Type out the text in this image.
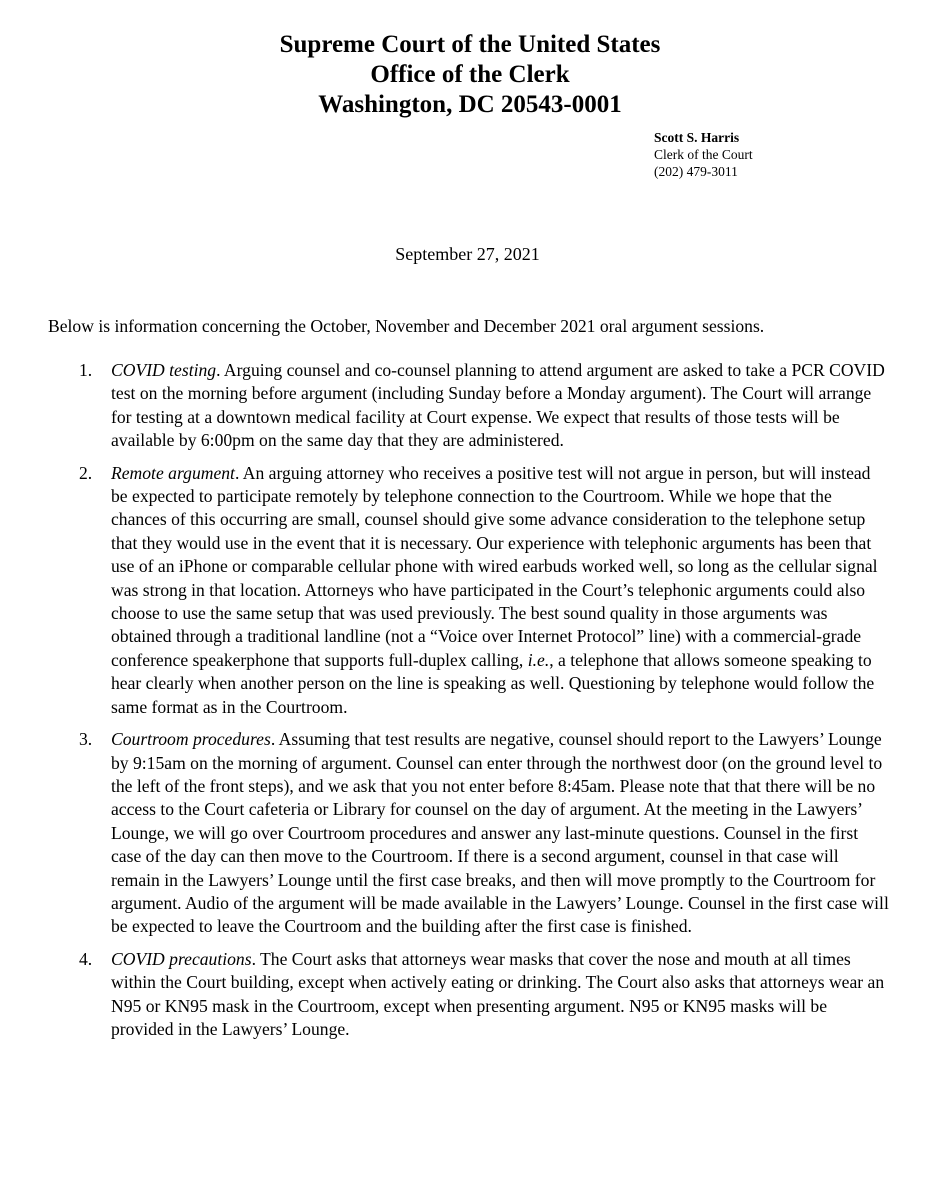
Supreme Court of the United States
Office of the Clerk
Washington, DC 20543-0001
Scott S. Harris
Clerk of the Court
(202) 479-3011
September 27, 2021
Below is information concerning the October, November and December 2021 oral argument sessions.
1. COVID testing. Arguing counsel and co-counsel planning to attend argument are asked to take a PCR COVID test on the morning before argument (including Sunday before a Monday argument). The Court will arrange for testing at a downtown medical facility at Court expense. We expect that results of those tests will be available by 6:00pm on the same day that they are administered.
2. Remote argument. An arguing attorney who receives a positive test will not argue in person, but will instead be expected to participate remotely by telephone connection to the Courtroom. While we hope that the chances of this occurring are small, counsel should give some advance consideration to the telephone setup that they would use in the event that it is necessary. Our experience with telephonic arguments has been that use of an iPhone or comparable cellular phone with wired earbuds worked well, so long as the cellular signal was strong in that location. Attorneys who have participated in the Court’s telephonic arguments could also choose to use the same setup that was used previously. The best sound quality in those arguments was obtained through a traditional landline (not a “Voice over Internet Protocol” line) with a commercial-grade conference speakerphone that supports full-duplex calling, i.e., a telephone that allows someone speaking to hear clearly when another person on the line is speaking as well. Questioning by telephone would follow the same format as in the Courtroom.
3. Courtroom procedures. Assuming that test results are negative, counsel should report to the Lawyers’ Lounge by 9:15am on the morning of argument. Counsel can enter through the northwest door (on the ground level to the left of the front steps), and we ask that you not enter before 8:45am. Please note that that there will be no access to the Court cafeteria or Library for counsel on the day of argument. At the meeting in the Lawyers’ Lounge, we will go over Courtroom procedures and answer any last-minute questions. Counsel in the first case of the day can then move to the Courtroom. If there is a second argument, counsel in that case will remain in the Lawyers’ Lounge until the first case breaks, and then will move promptly to the Courtroom for argument. Audio of the argument will be made available in the Lawyers’ Lounge. Counsel in the first case will be expected to leave the Courtroom and the building after the first case is finished.
4. COVID precautions. The Court asks that attorneys wear masks that cover the nose and mouth at all times within the Court building, except when actively eating or drinking. The Court also asks that attorneys wear an N95 or KN95 mask in the Courtroom, except when presenting argument. N95 or KN95 masks will be provided in the Lawyers’ Lounge.
